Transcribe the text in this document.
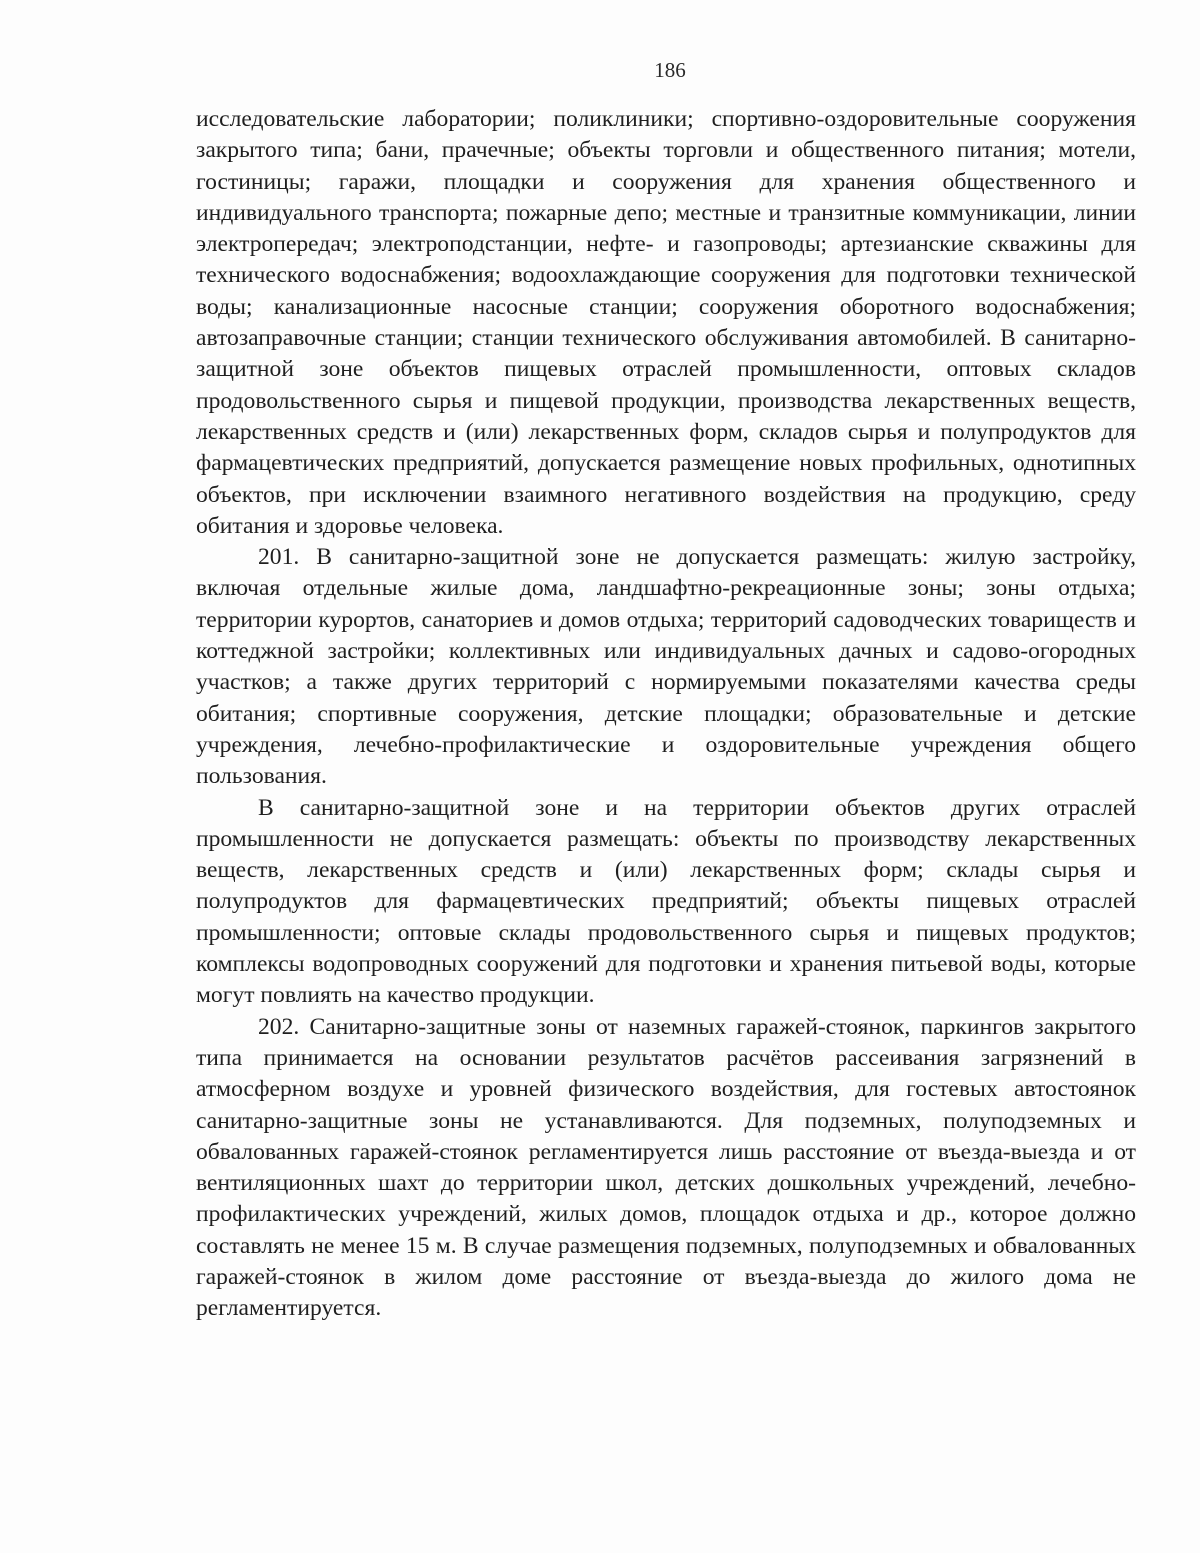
186

исследовательские лаборатории; поликлиники; спортивно-оздоровительные сооружения закрытого типа; бани, прачечные; объекты торговли и общественного питания; мотели, гостиницы; гаражи, площадки и сооружения для хранения общественного и индивидуального транспорта; пожарные депо; местные и транзитные коммуникации, линии электропередач; электроподстанции, нефте- и газопроводы; артезианские скважины для технического водоснабжения; водоохлаждающие сооружения для подготовки технической воды; канализационные насосные станции; сооружения оборотного водоснабжения; автозаправочные станции; станции технического обслуживания автомобилей. В санитарно-защитной зоне объектов пищевых отраслей промышленности, оптовых складов продовольственного сырья и пищевой продукции, производства лекарственных веществ, лекарственных средств и (или) лекарственных форм, складов сырья и полупродуктов для фармацевтических предприятий, допускается размещение новых профильных, однотипных объектов, при исключении взаимного негативного воздействия на продукцию, среду обитания и здоровье человека.

201. В санитарно-защитной зоне не допускается размещать: жилую застройку, включая отдельные жилые дома, ландшафтно-рекреационные зоны; зоны отдыха; территории курортов, санаториев и домов отдыха; территорий садоводческих товариществ и коттеджной застройки; коллективных или индивидуальных дачных и садово-огородных участков; а также других территорий с нормируемыми показателями качества среды обитания; спортивные сооружения, детские площадки; образовательные и детские учреждения, лечебно-профилактические и оздоровительные учреждения общего пользования.

В санитарно-защитной зоне и на территории объектов других отраслей промышленности не допускается размещать: объекты по производству лекарственных веществ, лекарственных средств и (или) лекарственных форм; склады сырья и полупродуктов для фармацевтических предприятий; объекты пищевых отраслей промышленности; оптовые склады продовольственного сырья и пищевых продуктов; комплексы водопроводных сооружений для подготовки и хранения питьевой воды, которые могут повлиять на качество продукции.

202. Санитарно-защитные зоны от наземных гаражей-стоянок, паркингов закрытого типа принимается на основании результатов расчётов рассеивания загрязнений в атмосферном воздухе и уровней физического воздействия, для гостевых автостоянок санитарно-защитные зоны не устанавливаются. Для подземных, полуподземных и обвалованных гаражей-стоянок регламентируется лишь расстояние от въезда-выезда и от вентиляционных шахт до территории школ, детских дошкольных учреждений, лечебно-профилактических учреждений, жилых домов, площадок отдыха и др., которое должно составлять не менее 15 м. В случае размещения подземных, полуподземных и обвалованных гаражей-стоянок в жилом доме расстояние от въезда-выезда до жилого дома не регламентируется.
